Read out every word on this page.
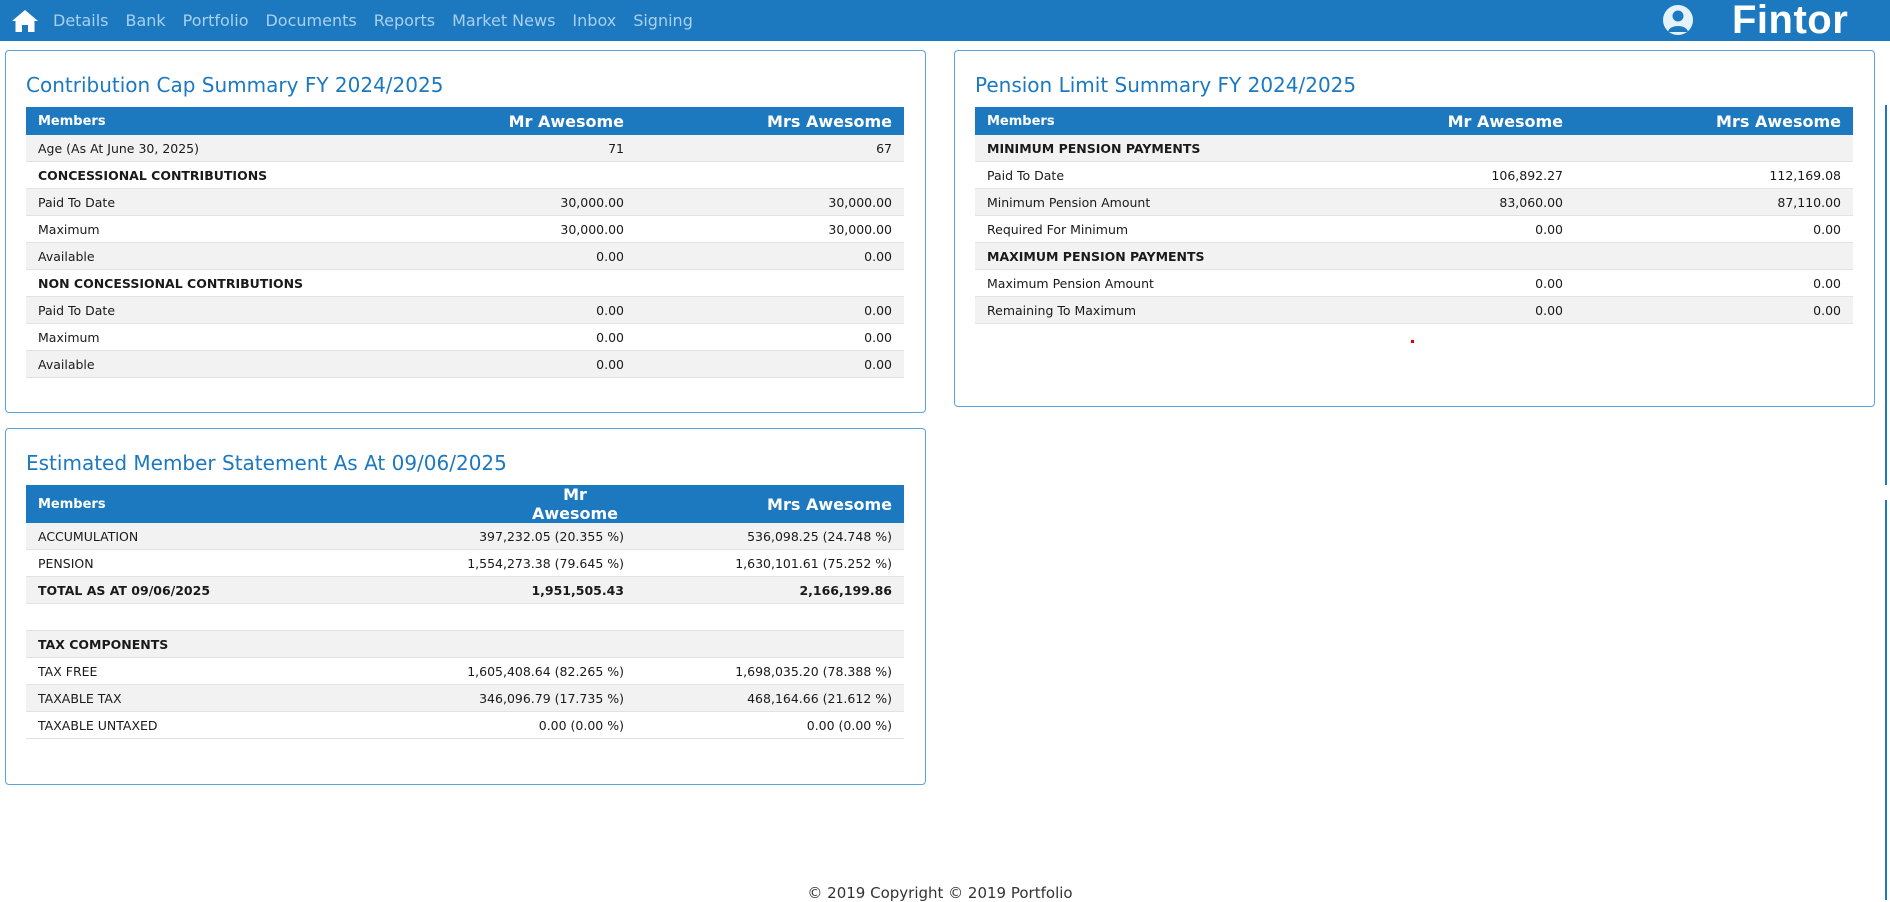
Details Bank Portfolio Documents Reports Market News Inbox Signing	Fintor
Contribution Cap Summary FY 2024/2025
Members	Mr Awesome	Mrs Awesome
Age (As At June 30, 2025)	71	67
CONCESSIONAL CONTRIBUTIONS		
Paid To Date	30,000.00	30,000.00
Maximum	30,000.00	30,000.00
Available	0.00	0.00
NON CONCESSIONAL CONTRIBUTIONS		
Paid To Date	0.00	0.00
Maximum	0.00	0.00
Available	0.00	0.00
Pension Limit Summary FY 2024/2025
Members	Mr Awesome	Mrs Awesome
MINIMUM PENSION PAYMENTS		
Paid To Date	106,892.27	112,169.08
Minimum Pension Amount	83,060.00	87,110.00
Required For Minimum	0.00	0.00
MAXIMUM PENSION PAYMENTS		
Maximum Pension Amount	0.00	0.00
Remaining To Maximum	0.00	0.00
Estimated Member Statement As At 09/06/2025
Members	Mr Awesome	Mrs Awesome
ACCUMULATION	397,232.05 (20.355 %)	536,098.25 (24.748 %)
PENSION	1,554,273.38 (79.645 %)	1,630,101.61 (75.252 %)
TOTAL AS AT 09/06/2025	1,951,505.43	2,166,199.86

TAX COMPONENTS		
TAX FREE	1,605,408.64 (82.265 %)	1,698,035.20 (78.388 %)
TAXABLE TAX	346,096.79 (17.735 %)	468,164.66 (21.612 %)
TAXABLE UNTAXED	0.00 (0.00 %)	0.00 (0.00 %)
© 2019 Copyright © 2019 Portfolio
